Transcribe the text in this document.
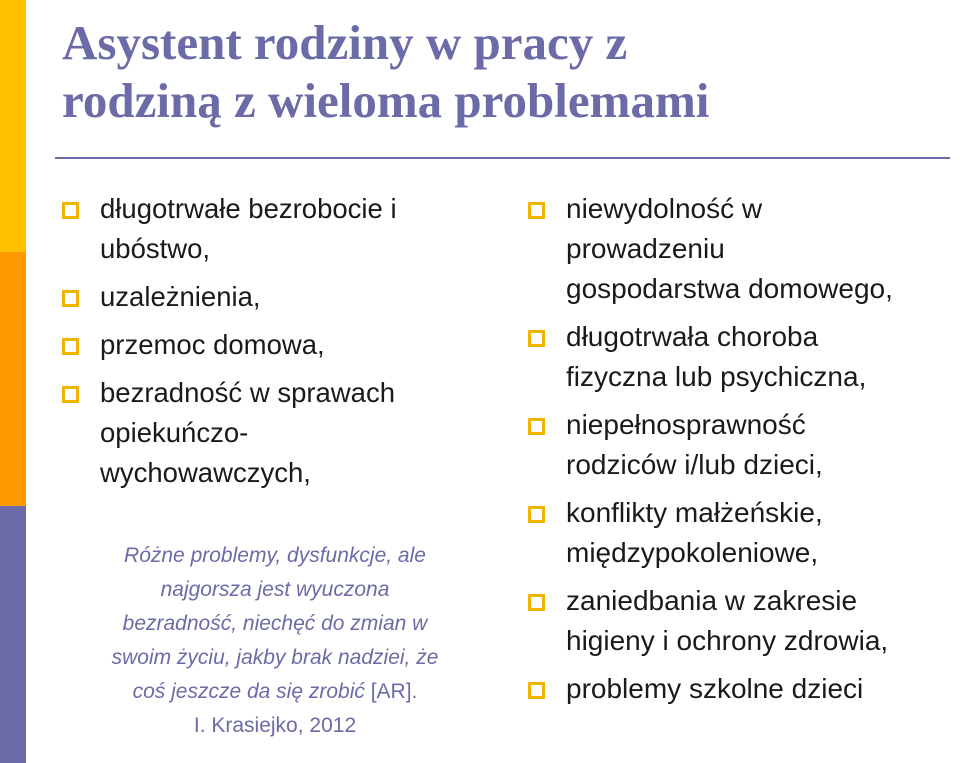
Asystent rodziny w pracy z
rodziną z wieloma problemami
długotrwałe bezrobocie i
ubóstwo,
uzależnienia,
przemoc domowa,
bezradność w sprawach
opiekuńczo-
wychowawczych,

Różne problemy, dysfunkcje, ale
najgorsza jest wyuczona
bezradność, niechęć do zmian w
swoim życiu, jakby brak nadziei, że
coś jeszcze da się zrobić [AR].
I. Krasiejko, 2012

niewydolność w
prowadzeniu
gospodarstwa domowego,
długotrwała choroba
fizyczna lub psychiczna,
niepełnosprawność
rodziców i/lub dzieci,
konflikty małżeńskie,
międzypokoleniowe,
zaniedbania w zakresie
higieny i ochrony zdrowia,
problemy szkolne dzieci
